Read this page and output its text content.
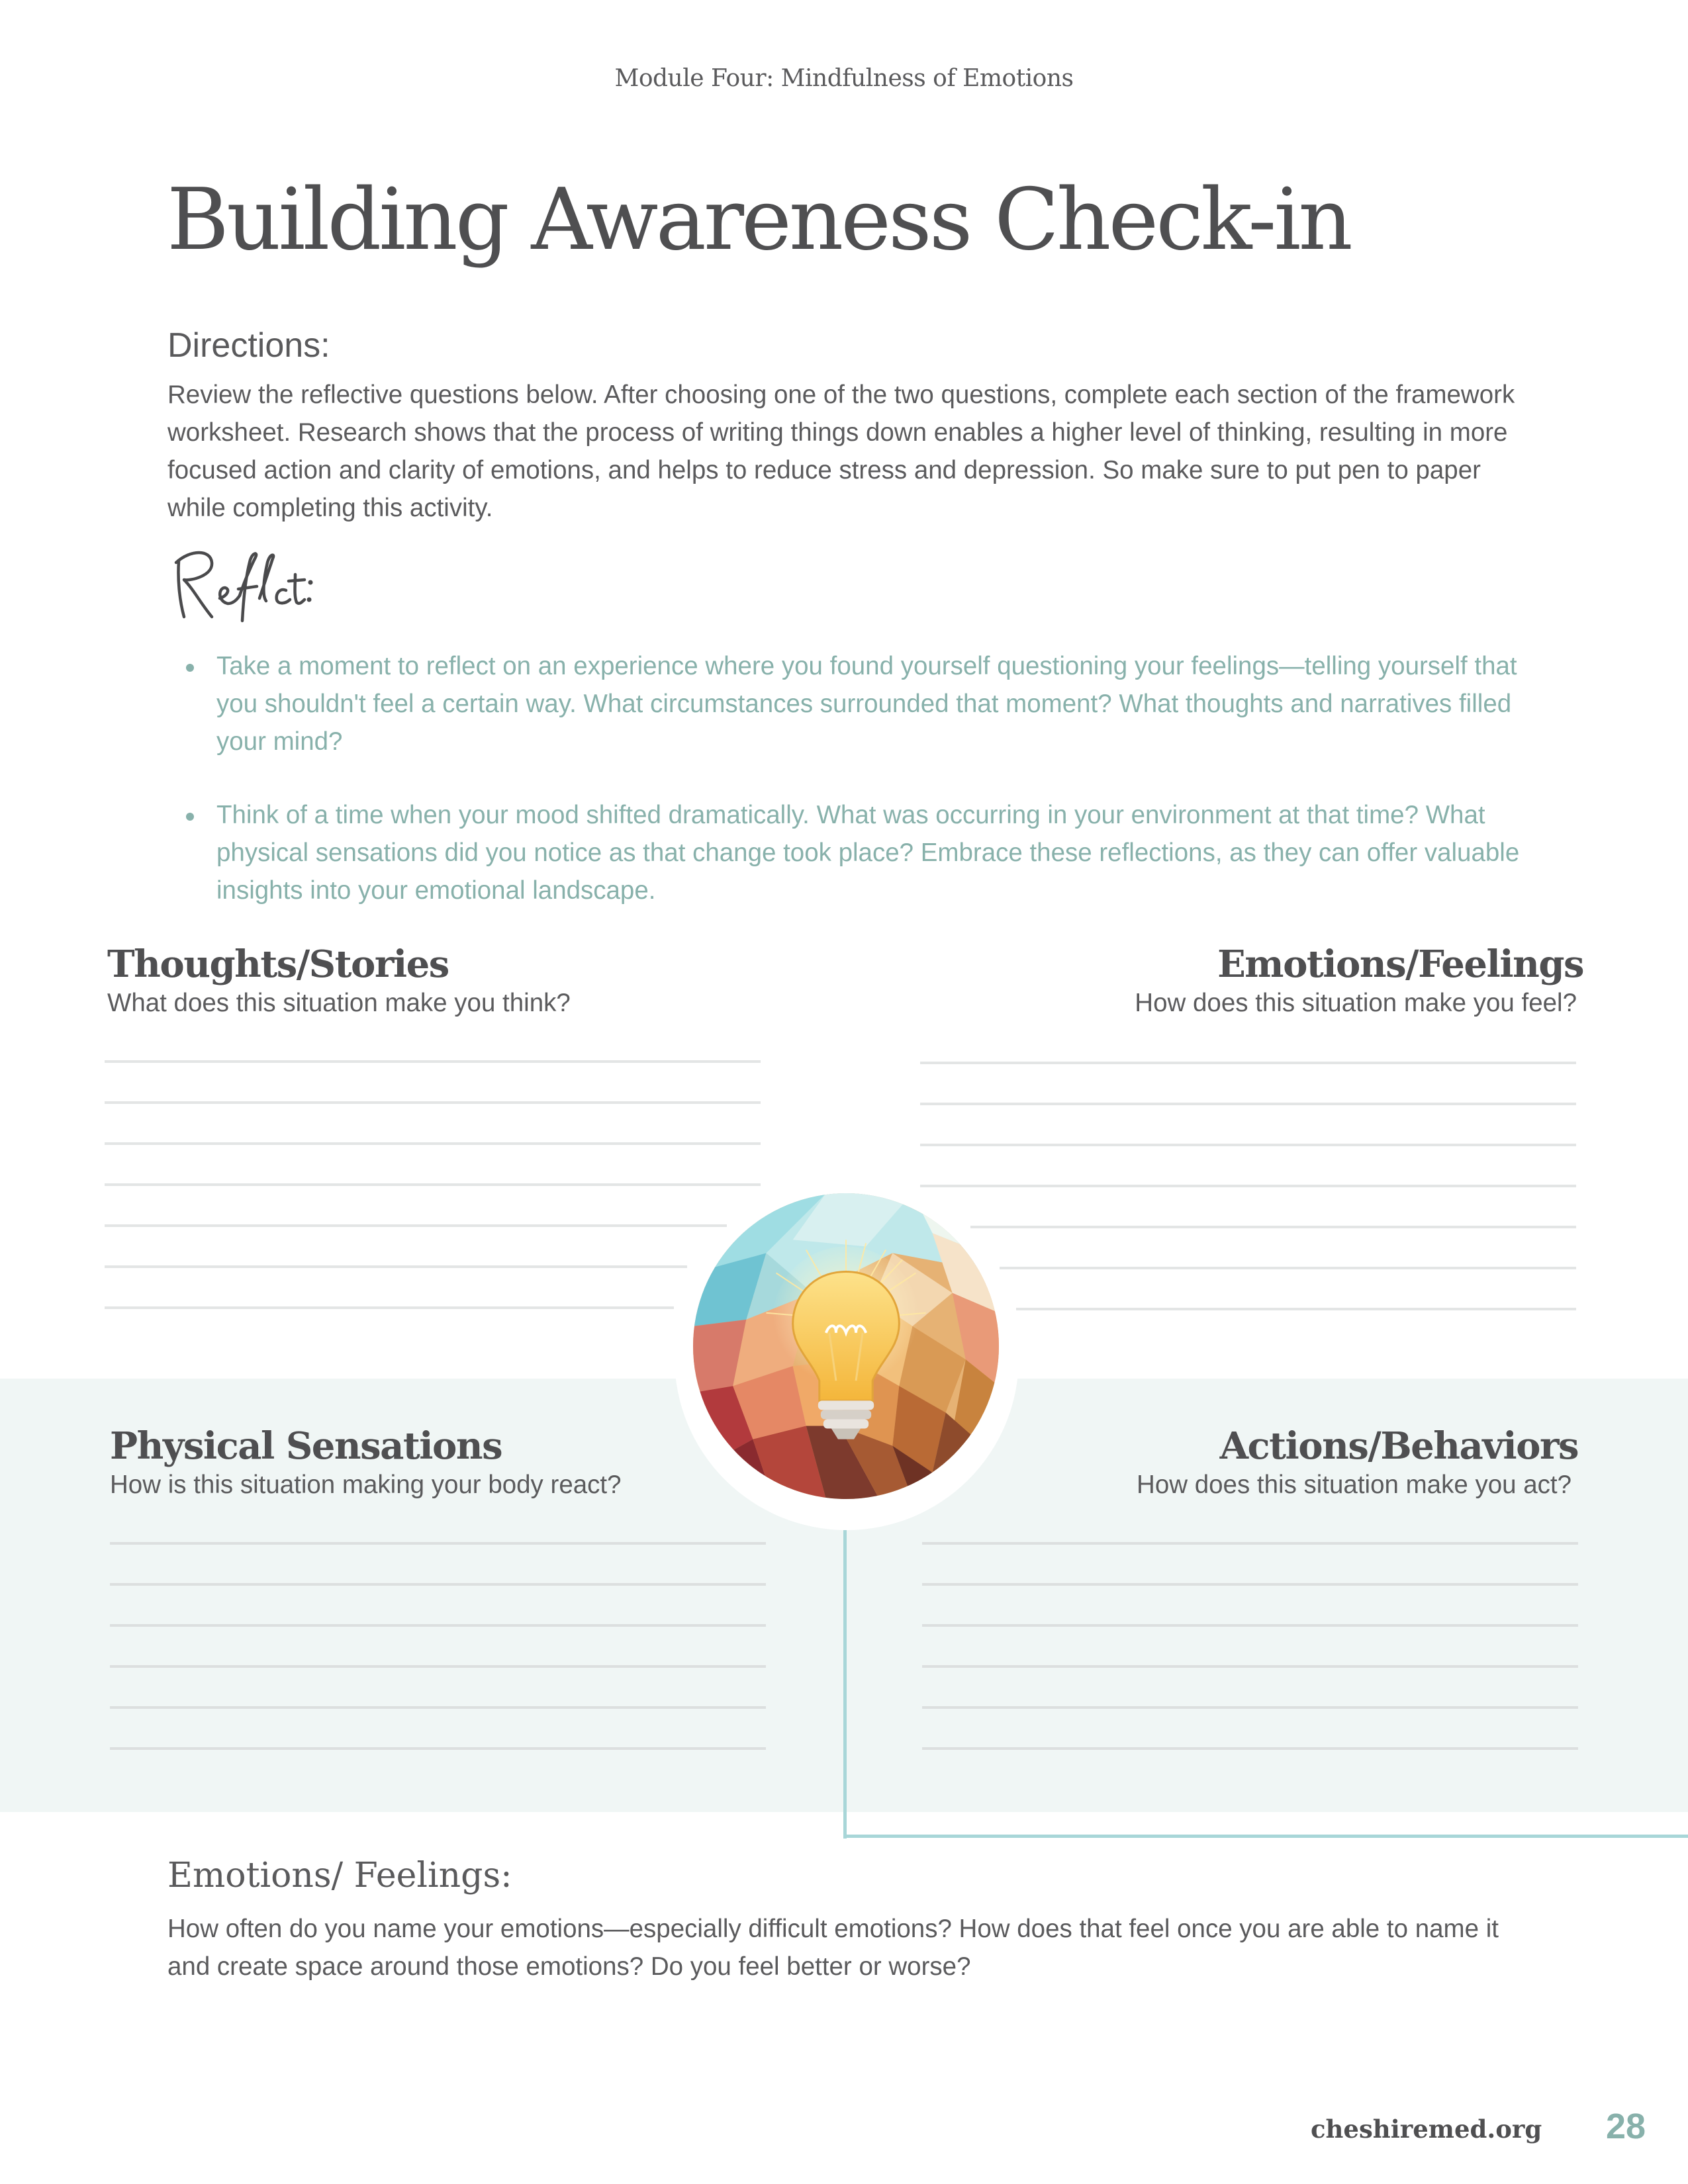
Module Four: Mindfulness of Emotions
Building Awareness Check-in
Directions:
Review the reflective questions below. After choosing one of the two questions, complete each section of the framework worksheet. Research shows that the process of writing things down enables a higher level of thinking, resulting in more focused action and clarity of emotions, and helps to reduce stress and depression. So make sure to put pen to paper while completing this activity.
Take a moment to reflect on an experience where you found yourself questioning your feelings—telling yourself that you shouldn't feel a certain way. What circumstances surrounded that moment? What thoughts and narratives filled your mind?
Think of a time when your mood shifted dramatically. What was occurring in your environment at that time? What physical sensations did you notice as that change took place? Embrace these reflections, as they can offer valuable insights into your emotional landscape.
Thoughts/Stories
What does this situation make you think?
Emotions/Feelings
How does this situation make you feel?
Physical Sensations
How is this situation making your body react?
Actions/Behaviors
How does this situation make you act?
Emotions/ Feelings:
How often do you name your emotions—especially difficult emotions? How does that feel once you are able to name it and create space around those emotions? Do you feel better or worse?
cheshiremed.org 28
